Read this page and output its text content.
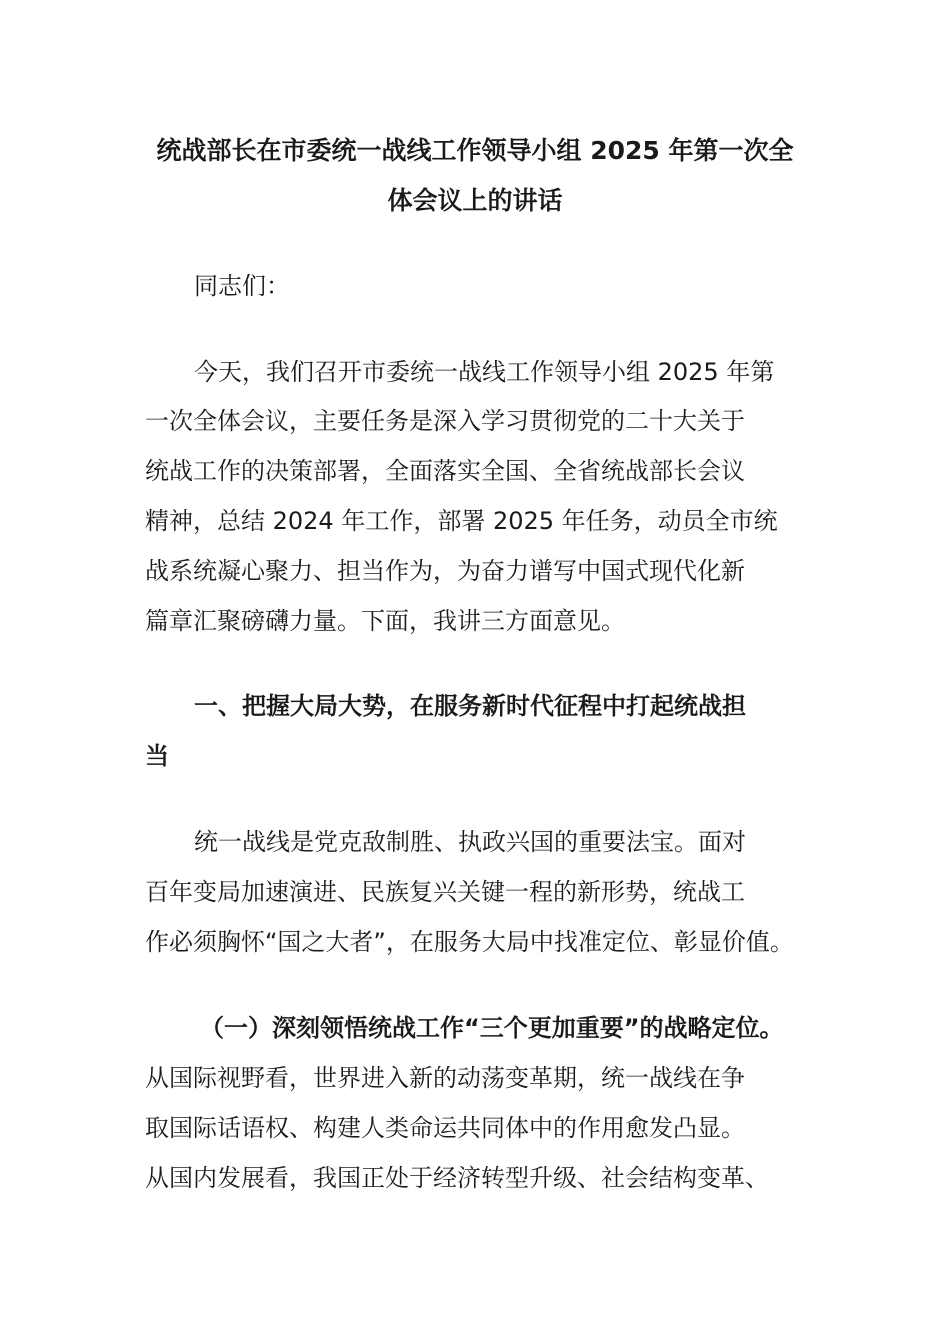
统战部长在市委统一战线工作领导小组 2025 年第一次全
体会议上的讲话
同志们：
今天，我们召开市委统一战线工作领导小组 2025 年第
一次全体会议，主要任务是深入学习贯彻党的二十大关于
统战工作的决策部署，全面落实全国、全省统战部长会议
精神，总结 2024 年工作，部署 2025 年任务，动员全市统
战系统凝心聚力、担当作为，为奋力谱写中国式现代化新
篇章汇聚磅礴力量。下面，我讲三方面意见。
一、把握大局大势，在服务新时代征程中打起统战担
当
统一战线是党克敌制胜、执政兴国的重要法宝。面对
百年变局加速演进、民族复兴关键一程的新形势，统战工
作必须胸怀“国之大者”，在服务大局中找准定位、彰显价值。
（一）深刻领悟统战工作“三个更加重要”的战略定位。
从国际视野看，世界进入新的动荡变革期，统一战线在争
取国际话语权、构建人类命运共同体中的作用愈发凸显。
从国内发展看，我国正处于经济转型升级、社会结构变革、
